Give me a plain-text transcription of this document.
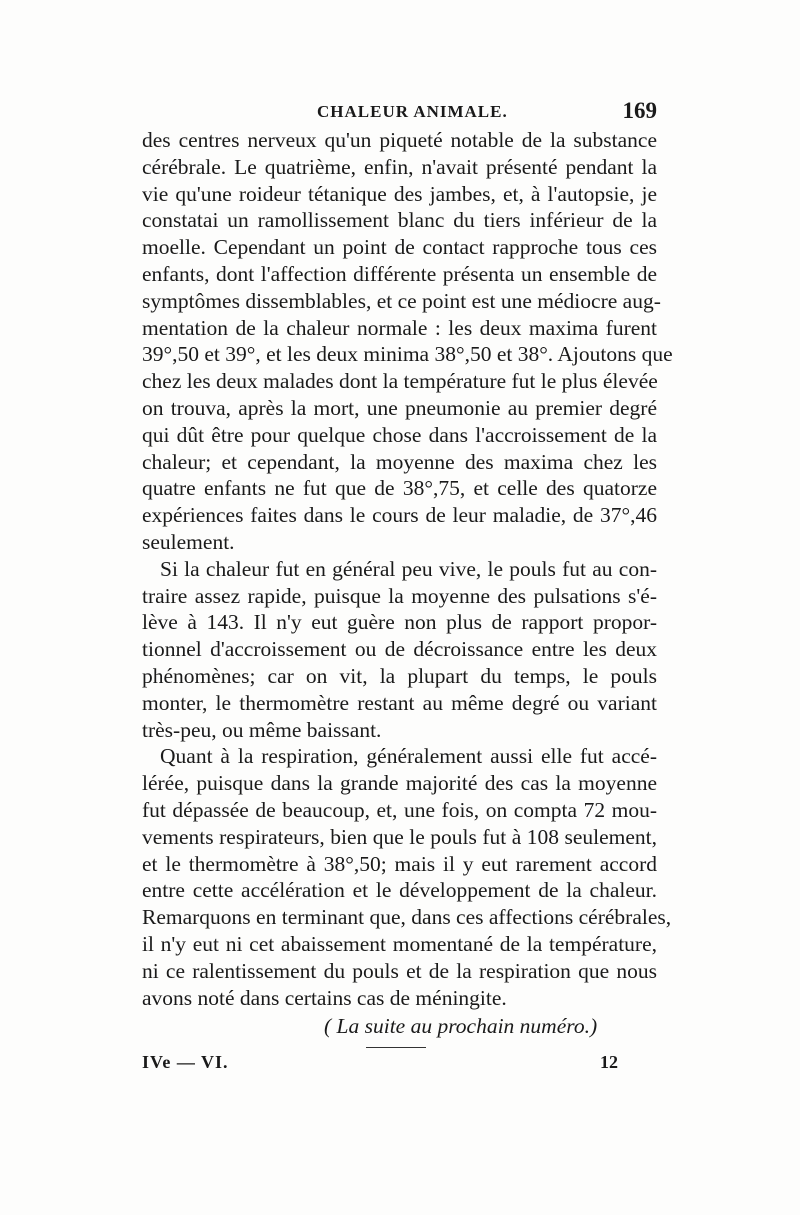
CHALEUR ANIMALE.	169
des centres nerveux qu'un piqueté notable de la substance
cérébrale. Le quatrième, enfin, n'avait présenté pendant la
vie qu'une roideur tétanique des jambes, et, à l'autopsie, je
constatai un ramollissement blanc du tiers inférieur de la
moelle. Cependant un point de contact rapproche tous ces
enfants, dont l'affection différente présenta un ensemble de
symptômes dissemblables, et ce point est une médiocre aug-
mentation de la chaleur normale : les deux maxima furent
39°,50 et 39°, et les deux minima 38°,50 et 38°. Ajoutons que
chez les deux malades dont la température fut le plus élevée
on trouva, après la mort, une pneumonie au premier degré
qui dût être pour quelque chose dans l'accroissement de la
chaleur; et cependant, la moyenne des maxima chez les
quatre enfants ne fut que de 38°,75, et celle des quatorze
expériences faites dans le cours de leur maladie, de 37°,46
seulement.
Si la chaleur fut en général peu vive, le pouls fut au con-
traire assez rapide, puisque la moyenne des pulsations s'é-
lève à 143. Il n'y eut guère non plus de rapport propor-
tionnel d'accroissement ou de décroissance entre les deux
phénomènes; car on vit, la plupart du temps, le pouls
monter, le thermomètre restant au même degré ou variant
très-peu, ou même baissant.
Quant à la respiration, généralement aussi elle fut accé-
lérée, puisque dans la grande majorité des cas la moyenne
fut dépassée de beaucoup, et, une fois, on compta 72 mou-
vements respirateurs, bien que le pouls fut à 108 seulement,
et le thermomètre à 38°,50; mais il y eut rarement accord
entre cette accélération et le développement de la chaleur.
Remarquons en terminant que, dans ces affections cérébrales,
il n'y eut ni cet abaissement momentané de la température,
ni ce ralentissement du pouls et de la respiration que nous
avons noté dans certains cas de méningite.
( La suite au prochain numéro.)
IVe — VI.	12
